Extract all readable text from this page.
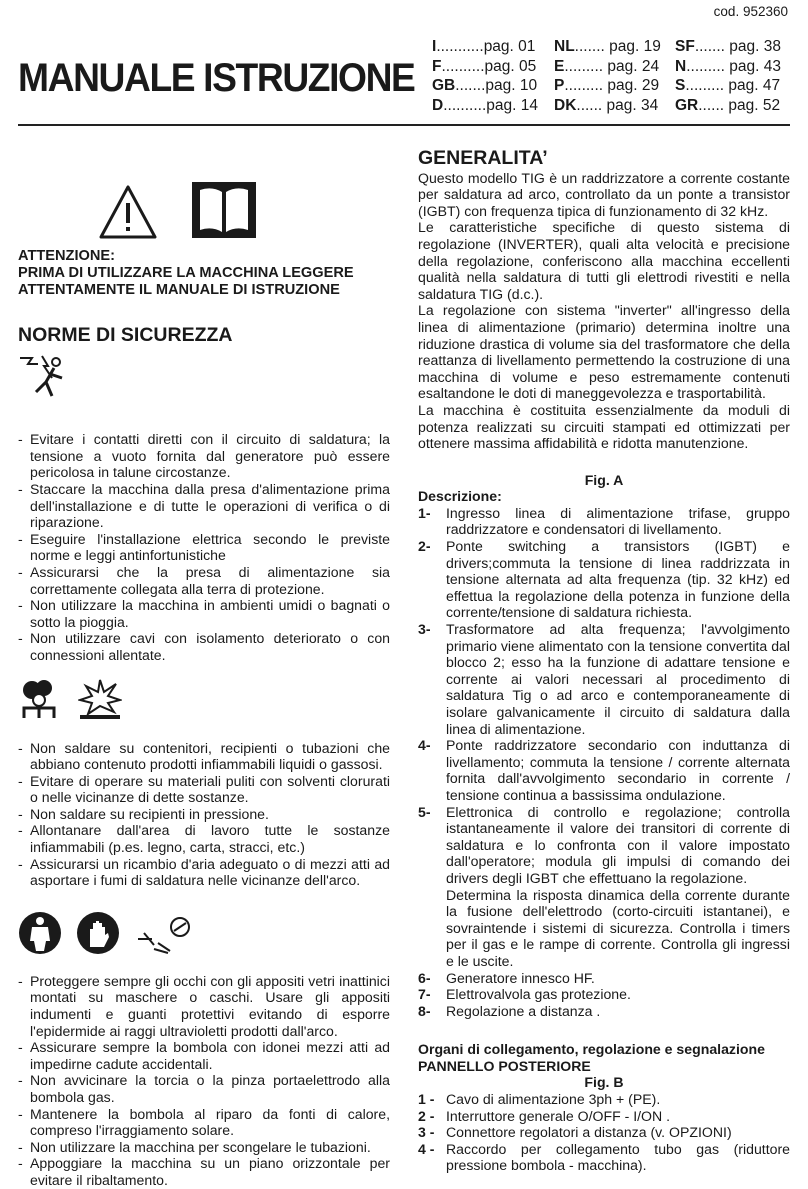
cod. 952360
MANUALE ISTRUZIONE
I...........pag. 01	NL....... pag. 19 SF....... pag. 38
F..........pag. 05	E......... pag. 24	N......... pag. 43
GB.......pag. 10	P......... pag. 29	S......... pag. 47
D..........pag. 14	DK...... pag. 34	GR...... pag. 52
ATTENZIONE:
PRIMA DI UTILIZZARE LA MACCHINA LEGGERE
ATTENTAMENTE IL MANUALE DI ISTRUZIONE
NORME DI SICUREZZA
- Evitare i contatti diretti con il circuito di saldatura; la tensione a vuoto fornita dal generatore può essere pericolosa in talune circostanze.
- Staccare la macchina dalla presa d'alimentazione prima dell'installazione e di tutte le operazioni di verifica o di riparazione.
- Eseguire l'installazione elettrica secondo le previste norme e leggi antinfortunistiche
- Assicurarsi che la presa di alimentazione sia correttamente collegata alla terra di protezione.
- Non utilizzare la macchina in ambienti umidi o bagnati o sotto la pioggia.
- Non utilizzare cavi con isolamento deteriorato o con connessioni allentate.
- Non saldare su contenitori, recipienti o tubazioni che abbiano contenuto prodotti infiammabili liquidi o gassosi.
- Evitare di operare su materiali puliti con solventi clorurati o nelle vicinanze di dette sostanze.
- Non saldare su recipienti in pressione.
- Allontanare dall'area di lavoro tutte le sostanze infiammabili (p.es. legno, carta, stracci, etc.)
- Assicurarsi un ricambio d'aria adeguato o di mezzi atti ad asportare i fumi di saldatura nelle vicinanze dell'arco.
- Proteggere sempre gli occhi con gli appositi vetri inattinici montati su maschere o caschi. Usare gli appositi indumenti e guanti protettivi evitando di esporre l'epidermide ai raggi ultravioletti prodotti dall'arco.
- Assicurare sempre la bombola con idonei mezzi atti ad impedirne cadute accidentali.
- Non avvicinare la torcia o la pinza portaelettrodo alla bombola gas.
- Mantenere la bombola al riparo da fonti di calore, compreso l'irraggiamento solare.
- Non utilizzare la macchina per scongelare le tubazioni.
- Appoggiare la macchina su un piano orizzontale per evitare il ribaltamento.
GENERALITA’
Questo modello TIG è un raddrizzatore a corrente costante per saldatura ad arco, controllato da un ponte a transistor (IGBT) con frequenza tipica di funzionamento di 32 kHz.
Le caratteristiche specifiche di questo sistema di regolazione (INVERTER), quali alta velocità e precisione della regolazione, conferiscono alla macchina eccellenti qualità nella saldatura di tutti gli elettrodi rivestiti e nella saldatura TIG (d.c.).
La regolazione con sistema "inverter" all'ingresso della linea di alimentazione (primario) determina inoltre una riduzione drastica di volume sia del trasformatore che della reattanza di livellamento permettendo la costruzione di una macchina di volume e peso estremamente contenuti esaltandone le doti di maneggevolezza e trasportabilità.
La macchina è costituita essenzialmente da moduli di potenza realizzati su circuiti stampati ed ottimizzati per ottenere massima affidabilità e ridotta manutenzione.
Fig. A
Descrizione:
1-	Ingresso linea di alimentazione trifase, gruppo raddrizzatore e condensatori di livellamento.
2-	Ponte switching a transistors (IGBT) e drivers;commuta la tensione di linea raddrizzata in tensione alternata ad alta frequenza (tip. 32 kHz) ed effettua la regolazione della potenza in funzione della corrente/tensione di saldatura richiesta.
3-	Trasformatore ad alta frequenza; l'avvolgimento primario viene alimentato con la tensione convertita dal blocco 2; esso ha la funzione di adattare tensione e corrente ai valori necessari al procedimento di saldatura Tig o ad arco e contemporaneamente di isolare galvanicamente il circuito di saldatura dalla linea di alimentazione.
4-	Ponte raddrizzatore secondario con induttanza di livellamento; commuta la tensione / corrente alternata fornita dall'avvolgimento secondario in corrente / tensione continua a bassissima ondulazione.
5-	Elettronica di controllo e regolazione; controlla istantaneamente il valore dei transitori di corrente di saldatura e lo confronta con il valore impostato dall'operatore; modula gli impulsi di comando dei drivers degli IGBT che effettuano la regolazione.
Determina la risposta dinamica della corrente durante la fusione dell'elettrodo (corto-circuiti istantanei), e sovraintende i sistemi di sicurezza. Controlla i timers per il gas e le rampe di corrente. Controlla gli ingressi e le uscite.
6-	Generatore innesco HF.
7-	Elettrovalvola gas protezione.
8-	Regolazione a distanza .
Organi di collegamento, regolazione e segnalazione
PANNELLO POSTERIORE
Fig. B
1 - Cavo di alimentazione 3ph + (PE).
2 - Interruttore generale O/OFF - I/ON .
3 - Connettore regolatori a distanza (v. OPZIONI)
4 - Raccordo per collegamento tubo gas (riduttore pressione bombola - macchina).
